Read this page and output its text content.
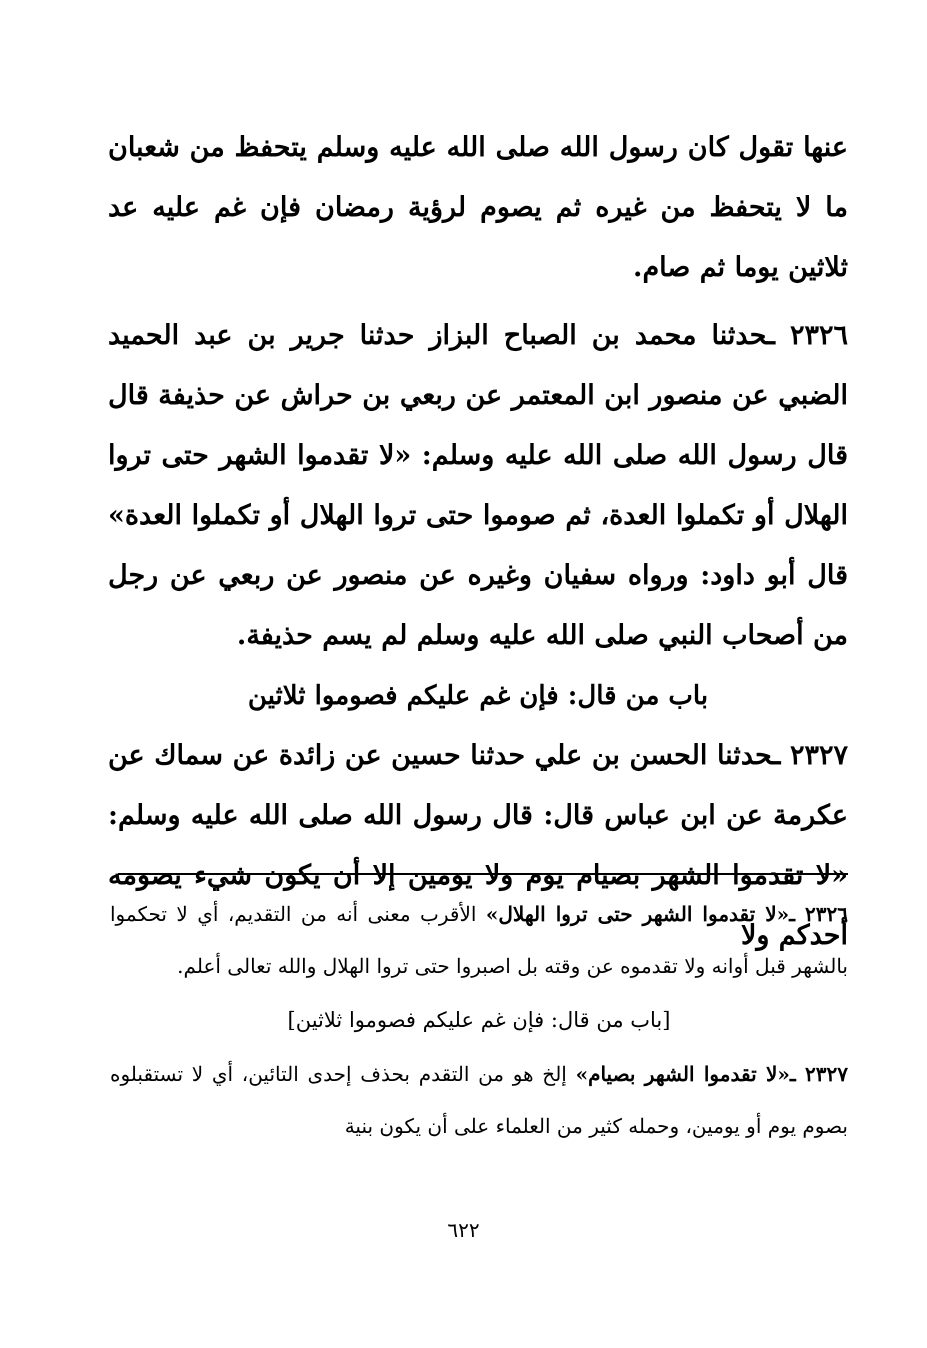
عنها تقول كان رسول الله صلى الله عليه وسلم يتحفظ من شعبان ما لا يتحفظ من غيره ثم يصوم لرؤية رمضان فإن غم عليه عد ثلاثين يوما ثم صام.

٢٣٢٦ ـحدثنا محمد بن الصباح البزاز حدثنا جرير بن عبد الحميد الضبي عن منصور ابن المعتمر عن ربعي بن حراش عن حذيفة قال قال رسول الله صلى الله عليه وسلم: «لا تقدموا الشهر حتى تروا الهلال أو تكملوا العدة، ثم صوموا حتى تروا الهلال أو تكملوا العدة» قال أبو داود: ورواه سفيان وغيره عن منصور عن ربعي عن رجل من أصحاب النبي صلى الله عليه وسلم لم يسم حذيفة.

باب من قال: فإن غم عليكم فصوموا ثلاثين

٢٣٢٧ ـحدثنا الحسن بن علي حدثنا حسين عن زائدة عن سماك عن عكرمة عن ابن عباس قال: قال رسول الله صلى الله عليه وسلم: «لا تقدموا الشهر بصيام يوم ولا يومين إلا أن يكون شيء يصومه أحدكم ولا

٢٣٢٦ ـ«لا تقدموا الشهر حتى تروا الهلال» الأقرب معنى أنه من التقديم، أي لا تحكموا بالشهر قبل أوانه ولا تقدموه عن وقته بل اصبروا حتى تروا الهلال والله تعالى أعلم.

[باب من قال: فإن غم عليكم فصوموا ثلاثين]

٢٣٢٧ ـ«لا تقدموا الشهر بصيام» إلخ هو من التقدم بحذف إحدى التائين، أي لا تستقبلوه بصوم يوم أو يومين، وحمله كثير من العلماء على أن يكون بنية

٦٢٢
